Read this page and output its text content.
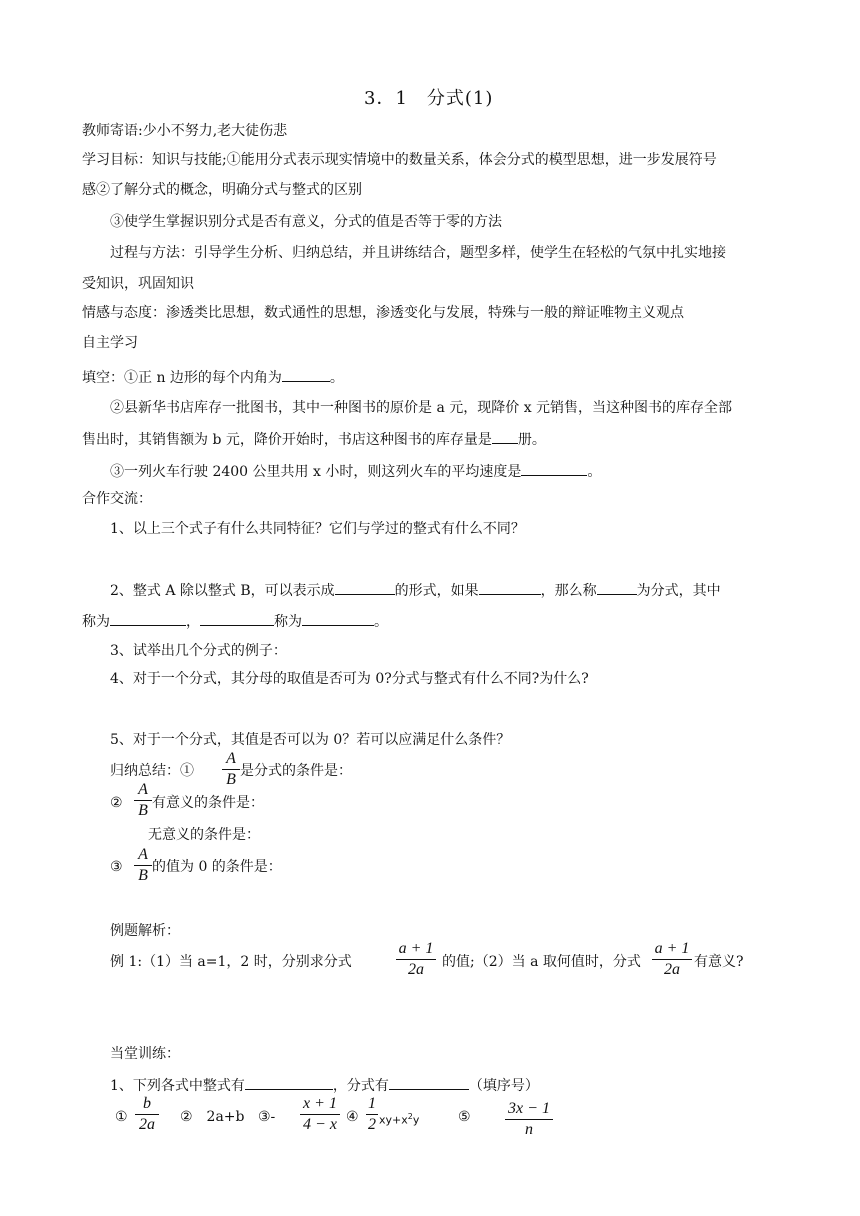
3．1　分式(1)
教师寄语:少小不努力,老大徒伤悲
学习目标：知识与技能;①能用分式表示现实情境中的数量关系，体会分式的模型思想，进一步发展符号
感②了解分式的概念，明确分式与整式的区别
③使学生掌握识别分式是否有意义，分式的值是否等于零的方法
过程与方法：引导学生分析、归纳总结，并且讲练结合，题型多样，使学生在轻松的气氛中扎实地接
受知识，巩固知识
情感与态度：渗透类比思想，数式通性的思想，渗透变化与发展，特殊与一般的辩证唯物主义观点
自主学习
填空：①正 n 边形的每个内角为	。
②县新华书店库存一批图书，其中一种图书的原价是 a 元，现降价 x 元销售，当这种图书的库存全部
售出时，其销售额为 b 元，降价开始时，书店这种图书的库存量是 册。
③一列火车行驶 2400 公里共用 x 小时，则这列火车的平均速度是	。
合作交流：
1、以上三个式子有什么共同特征？它们与学过的整式有什么不同？
2、整式 A 除以整式 B，可以表示成	的形式，如果	，那么称	为分式，其中
称为	，	称为	。
3、试举出几个分式的例子：
4、对于一个分式，其分母的取值是否可为 0?分式与整式有什么不同?为什么?
5、对于一个分式，其值是否可以为 0？若可以应满足什么条件？
归纳总结：①
A
B 是分式的条件是：
②
A
B 有意义的条件是：
无意义的条件是：
③
A
B 的值为 0 的条件是：
例题解析：
例 1:（1）当 a=1，2 时，分别求分式
a + 1
2a	的值;（2）当 a 取何值时，分式
a + 1
2a	有意义?
当堂训练：
1、下列各式中整式有	，分式有	（填序号）
①
b
2a ②　2a+b ③-
x + 1
4 − x ④
1
2 $xy+x^2y$	⑤ 3x − 1
n
